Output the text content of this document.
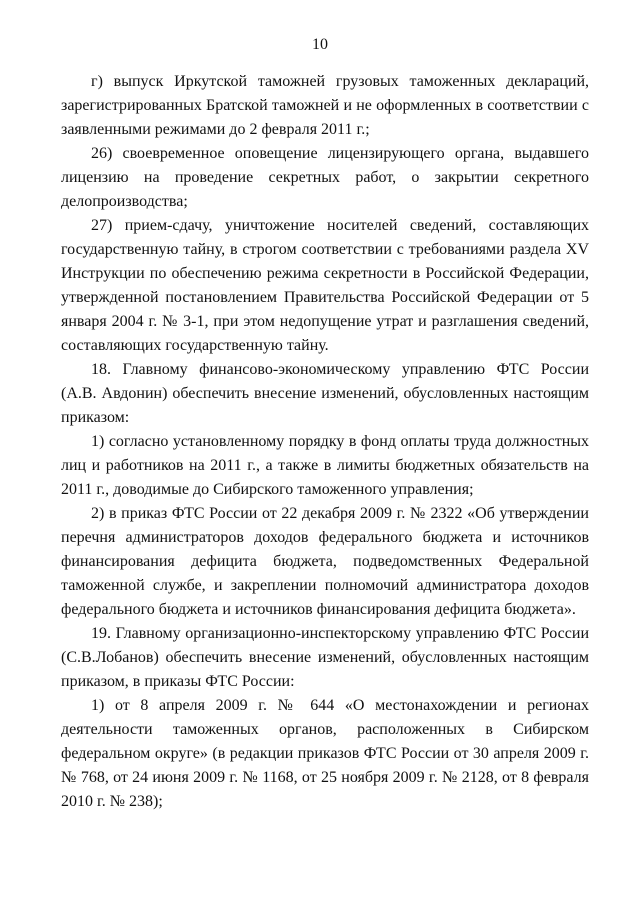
10

г) выпуск Иркутской таможней грузовых таможенных деклараций, зарегистрированных Братской таможней и не оформленных в соответствии с заявленными режимами до 2 февраля 2011 г.;

26) своевременное оповещение лицензирующего органа, выдавшего лицензию на проведение секретных работ, о закрытии секретного делопроизводства;

27) прием-сдачу, уничтожение носителей сведений, составляющих государственную тайну, в строгом соответствии с требованиями раздела XV Инструкции по обеспечению режима секретности в Российской Федерации, утвержденной постановлением Правительства Российской Федерации от 5 января 2004 г. № 3-1, при этом недопущение утрат и разглашения сведений, составляющих государственную тайну.

18. Главному финансово-экономическому управлению ФТС России (А.В. Авдонин) обеспечить внесение изменений, обусловленных настоящим приказом:

1) согласно установленному порядку в фонд оплаты труда должностных лиц и работников на 2011 г., а также в лимиты бюджетных обязательств на 2011 г., доводимые до Сибирского таможенного управления;

2) в приказ ФТС России от 22 декабря 2009 г. № 2322 «Об утверждении перечня администраторов доходов федерального бюджета и источников финансирования дефицита бюджета, подведомственных Федеральной таможенной службе, и закреплении полномочий администратора доходов федерального бюджета и источников финансирования дефицита бюджета».

19. Главному организационно-инспекторскому управлению ФТС России (С.В.Лобанов) обеспечить внесение изменений, обусловленных настоящим приказом, в приказы ФТС России:

1) от 8 апреля 2009 г. № 644 «О местонахождении и регионах деятельности таможенных органов, расположенных в Сибирском федеральном округе» (в редакции приказов ФТС России от 30 апреля 2009 г. № 768, от 24 июня 2009 г. № 1168, от 25 ноября 2009 г. № 2128, от 8 февраля 2010 г. № 238);
